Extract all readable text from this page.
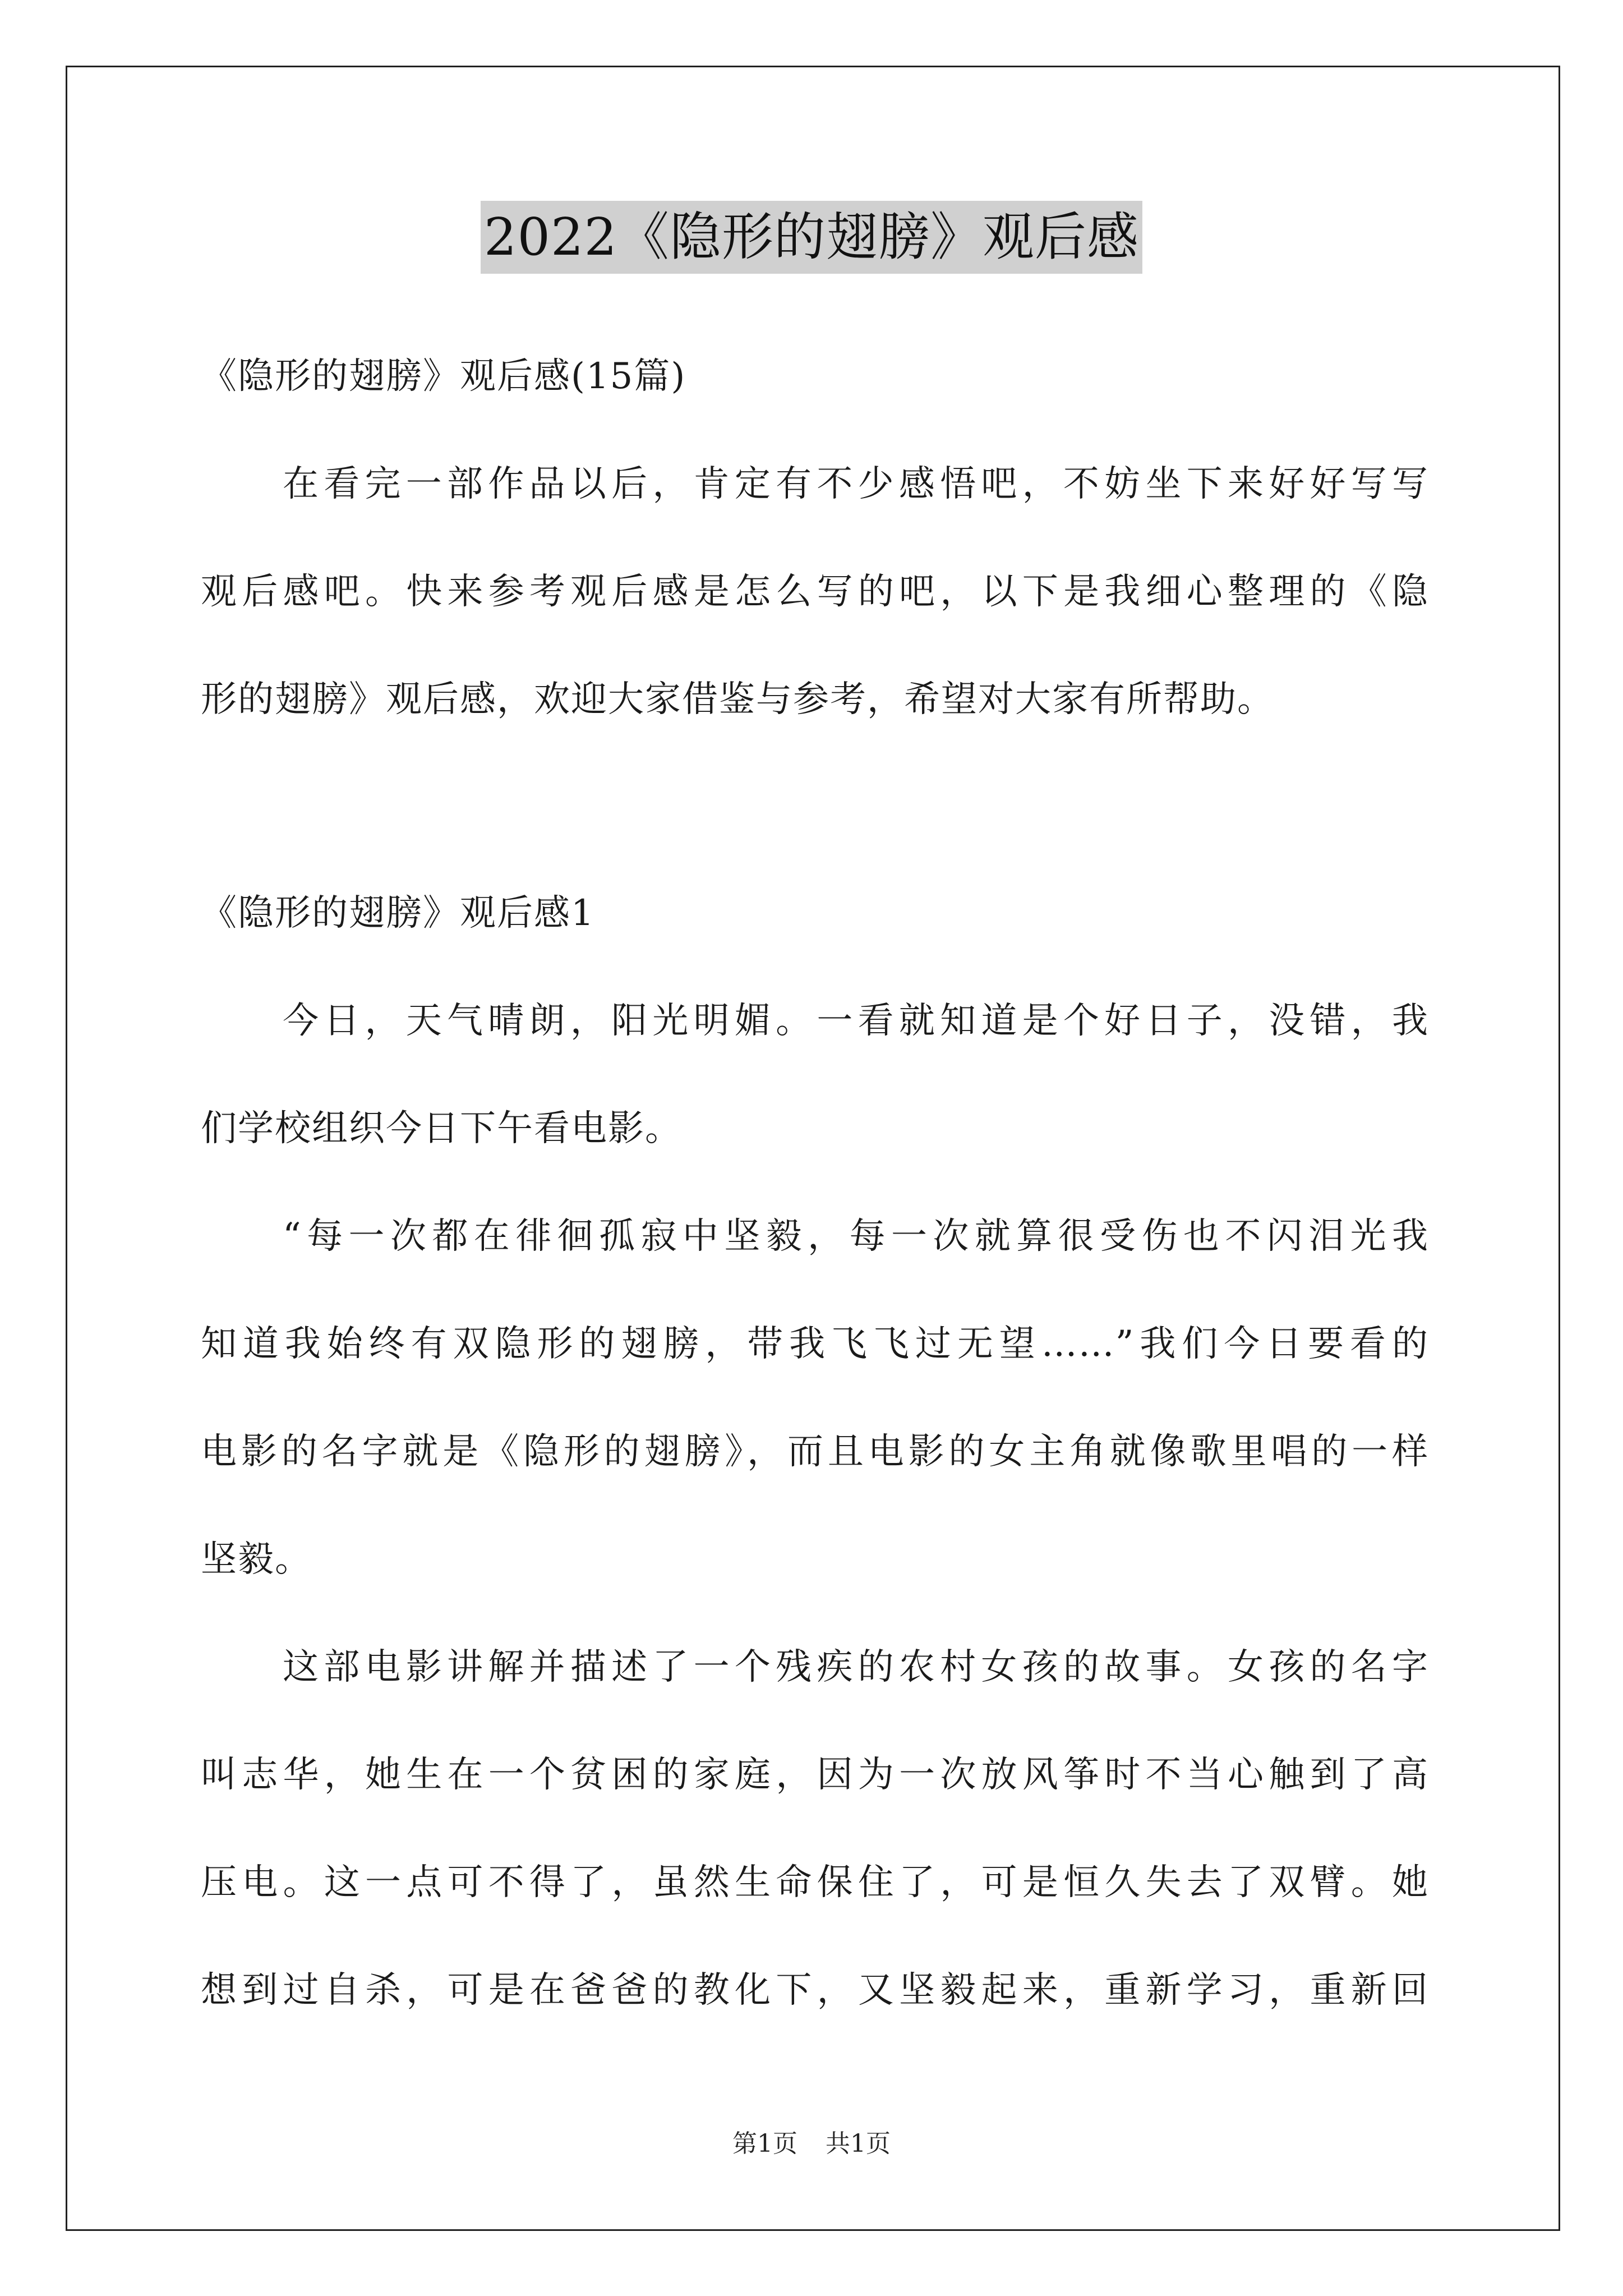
2022《隐形的翅膀》观后感
《隐形的翅膀》观后感(15篇)
在看完一部作品以后，肯定有不少感悟吧，不妨坐下来好好写写
观后感吧。快来参考观后感是怎么写的吧，以下是我细心整理的《隐
形的翅膀》观后感，欢迎大家借鉴与参考，希望对大家有所帮助。
《隐形的翅膀》观后感1
今日，天气晴朗，阳光明媚。一看就知道是个好日子，没错，我
们学校组织今日下午看电影。
“每一次都在徘徊孤寂中坚毅，每一次就算很受伤也不闪泪光我
知道我始终有双隐形的翅膀，带我飞飞过无望……”我们今日要看的
电影的名字就是《隐形的翅膀》，而且电影的女主角就像歌里唱的一样
坚毅。
这部电影讲解并描述了一个残疾的农村女孩的故事。女孩的名字
叫志华，她生在一个贫困的家庭，因为一次放风筝时不当心触到了高
压电。这一点可不得了，虽然生命保住了，可是恒久失去了双臂。她
想到过自杀，可是在爸爸的教化下，又坚毅起来，重新学习，重新回
第1页 共1页
